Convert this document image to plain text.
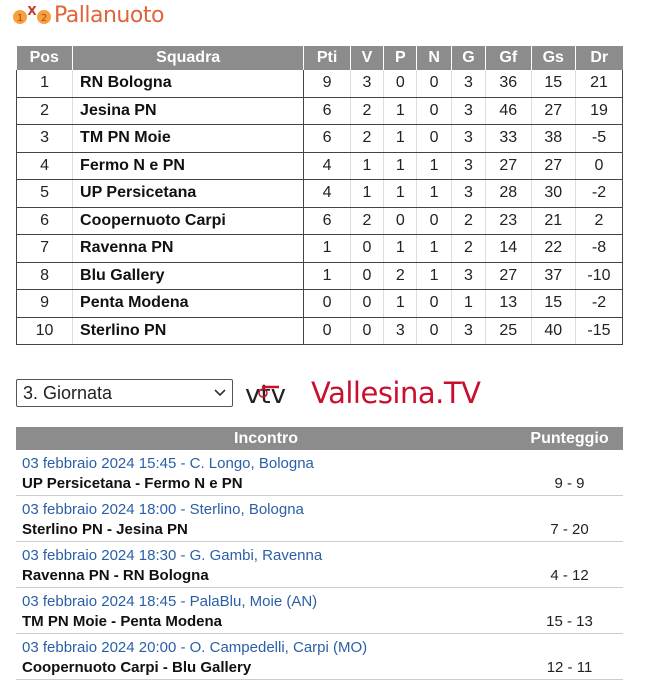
1
X
2 Pallanuoto
Pos	Squadra	Pti	V	P	N	G	Gf	Gs	Dr
1	RN Bologna	9	3	0	0	3	36	15	21
2	Jesina PN	6	2	1	0	3	46	27	19
3	TM PN Moie	6	2	1	0	3	33	38	-5
4	Fermo N e PN	4	1	1	1	3	27	27	0
5	UP Persicetana	4	1	1	1	3	28	30	-2
6	Coopernuoto Carpi	6	2	0	0	2	23	21	2
7	Ravenna PN	1	0	1	1	2	14	22	-8
8	Blu Gallery	1	0	2	1	3	27	37	-10
9	Penta Modena	0	0	1	0	1	13	15	-2
10	Sterlino PN	0	0	3	0	3	25	40	-15
3. Giornata	vtv Vallesina.TV
Incontro	Punteggio
03 febbraio 2024 15:45 - C. Longo, Bologna
UP Persicetana - Fermo N e PN	9 - 9
03 febbraio 2024 18:00 - Sterlino, Bologna
Sterlino PN - Jesina PN	7 - 20
03 febbraio 2024 18:30 - G. Gambi, Ravenna
Ravenna PN - RN Bologna	4 - 12
03 febbraio 2024 18:45 - PalaBlu, Moie (AN)
TM PN Moie - Penta Modena	15 - 13
03 febbraio 2024 20:00 - O. Campedelli, Carpi (MO)
Coopernuoto Carpi - Blu Gallery	12 - 11
